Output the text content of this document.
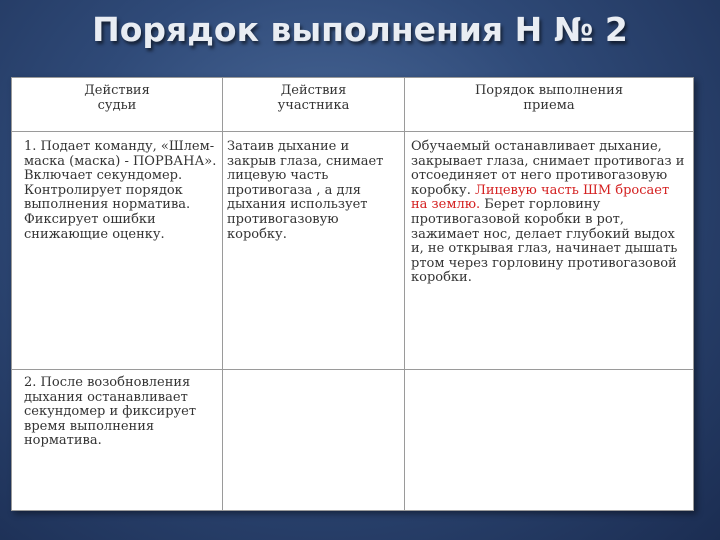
Порядок выполнения Н № 2
Действия судьи	Действия участника	Порядок выполнения приема

1. Подает команду, «Шлем-маска (маска) - ПОРВАНА». Включает секундомер. Контролирует порядок выполнения норматива. Фиксирует ошибки снижающие оценку.	Затаив дыхание и закрыв глаза, снимает лицевую часть противогаза , а для дыхания использует противогазовую коробку.	Обучаемый останавливает дыхание, закрывает глаза, снимает противогаз и отсоединяет от него противогазовую коробку. Лицевую часть ШМ бросает на землю. Берет горловину противогазовой коробки в рот, зажимает нос, делает глубокий выдох и, не открывая глаз, начинает дышать ртом через горловину противогазовой коробки.

2. После возобновления дыхания останавливает секундомер и фиксирует время выполнения норматива.		
